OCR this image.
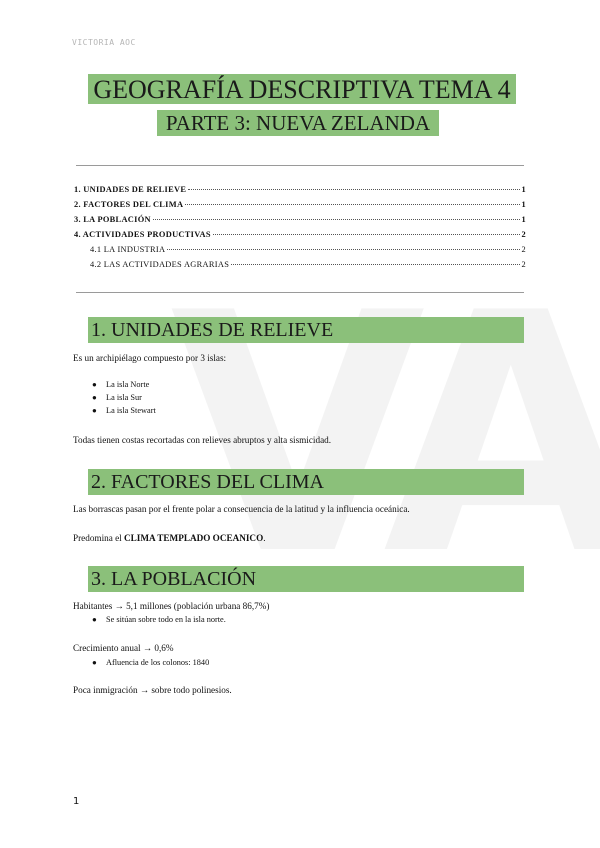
VICTORIA AOC
GEOGRAFÍA DESCRIPTIVA TEMA 4
PARTE 3: NUEVA ZELANDA
1. UNIDADES DE RELIEVE	1
2. FACTORES DEL CLIMA	1
3. LA POBLACIÓN	1
4. ACTIVIDADES PRODUCTIVAS	2
4.1 LA INDUSTRIA	2
4.2 LAS ACTIVIDADES AGRARIAS	2
1. UNIDADES DE RELIEVE
Es un archipiélago compuesto por 3 islas:
●	La isla Norte
●	La isla Sur
●	La isla Stewart
Todas tienen costas recortadas con relieves abruptos y alta sismicidad.
2. FACTORES DEL CLIMA
Las borrascas pasan por el frente polar a consecuencia de la latitud y la influencia oceánica.
Predomina el CLIMA TEMPLADO OCEANICO.
3. LA POBLACIÓN
Habitantes → 5,1 millones (población urbana 86,7%)
●	Se sitúan sobre todo en la isla norte.
Crecimiento anual → 0,6%
●	Afluencia de los colonos: 1840
Poca inmigración → sobre todo polinesios.
1
